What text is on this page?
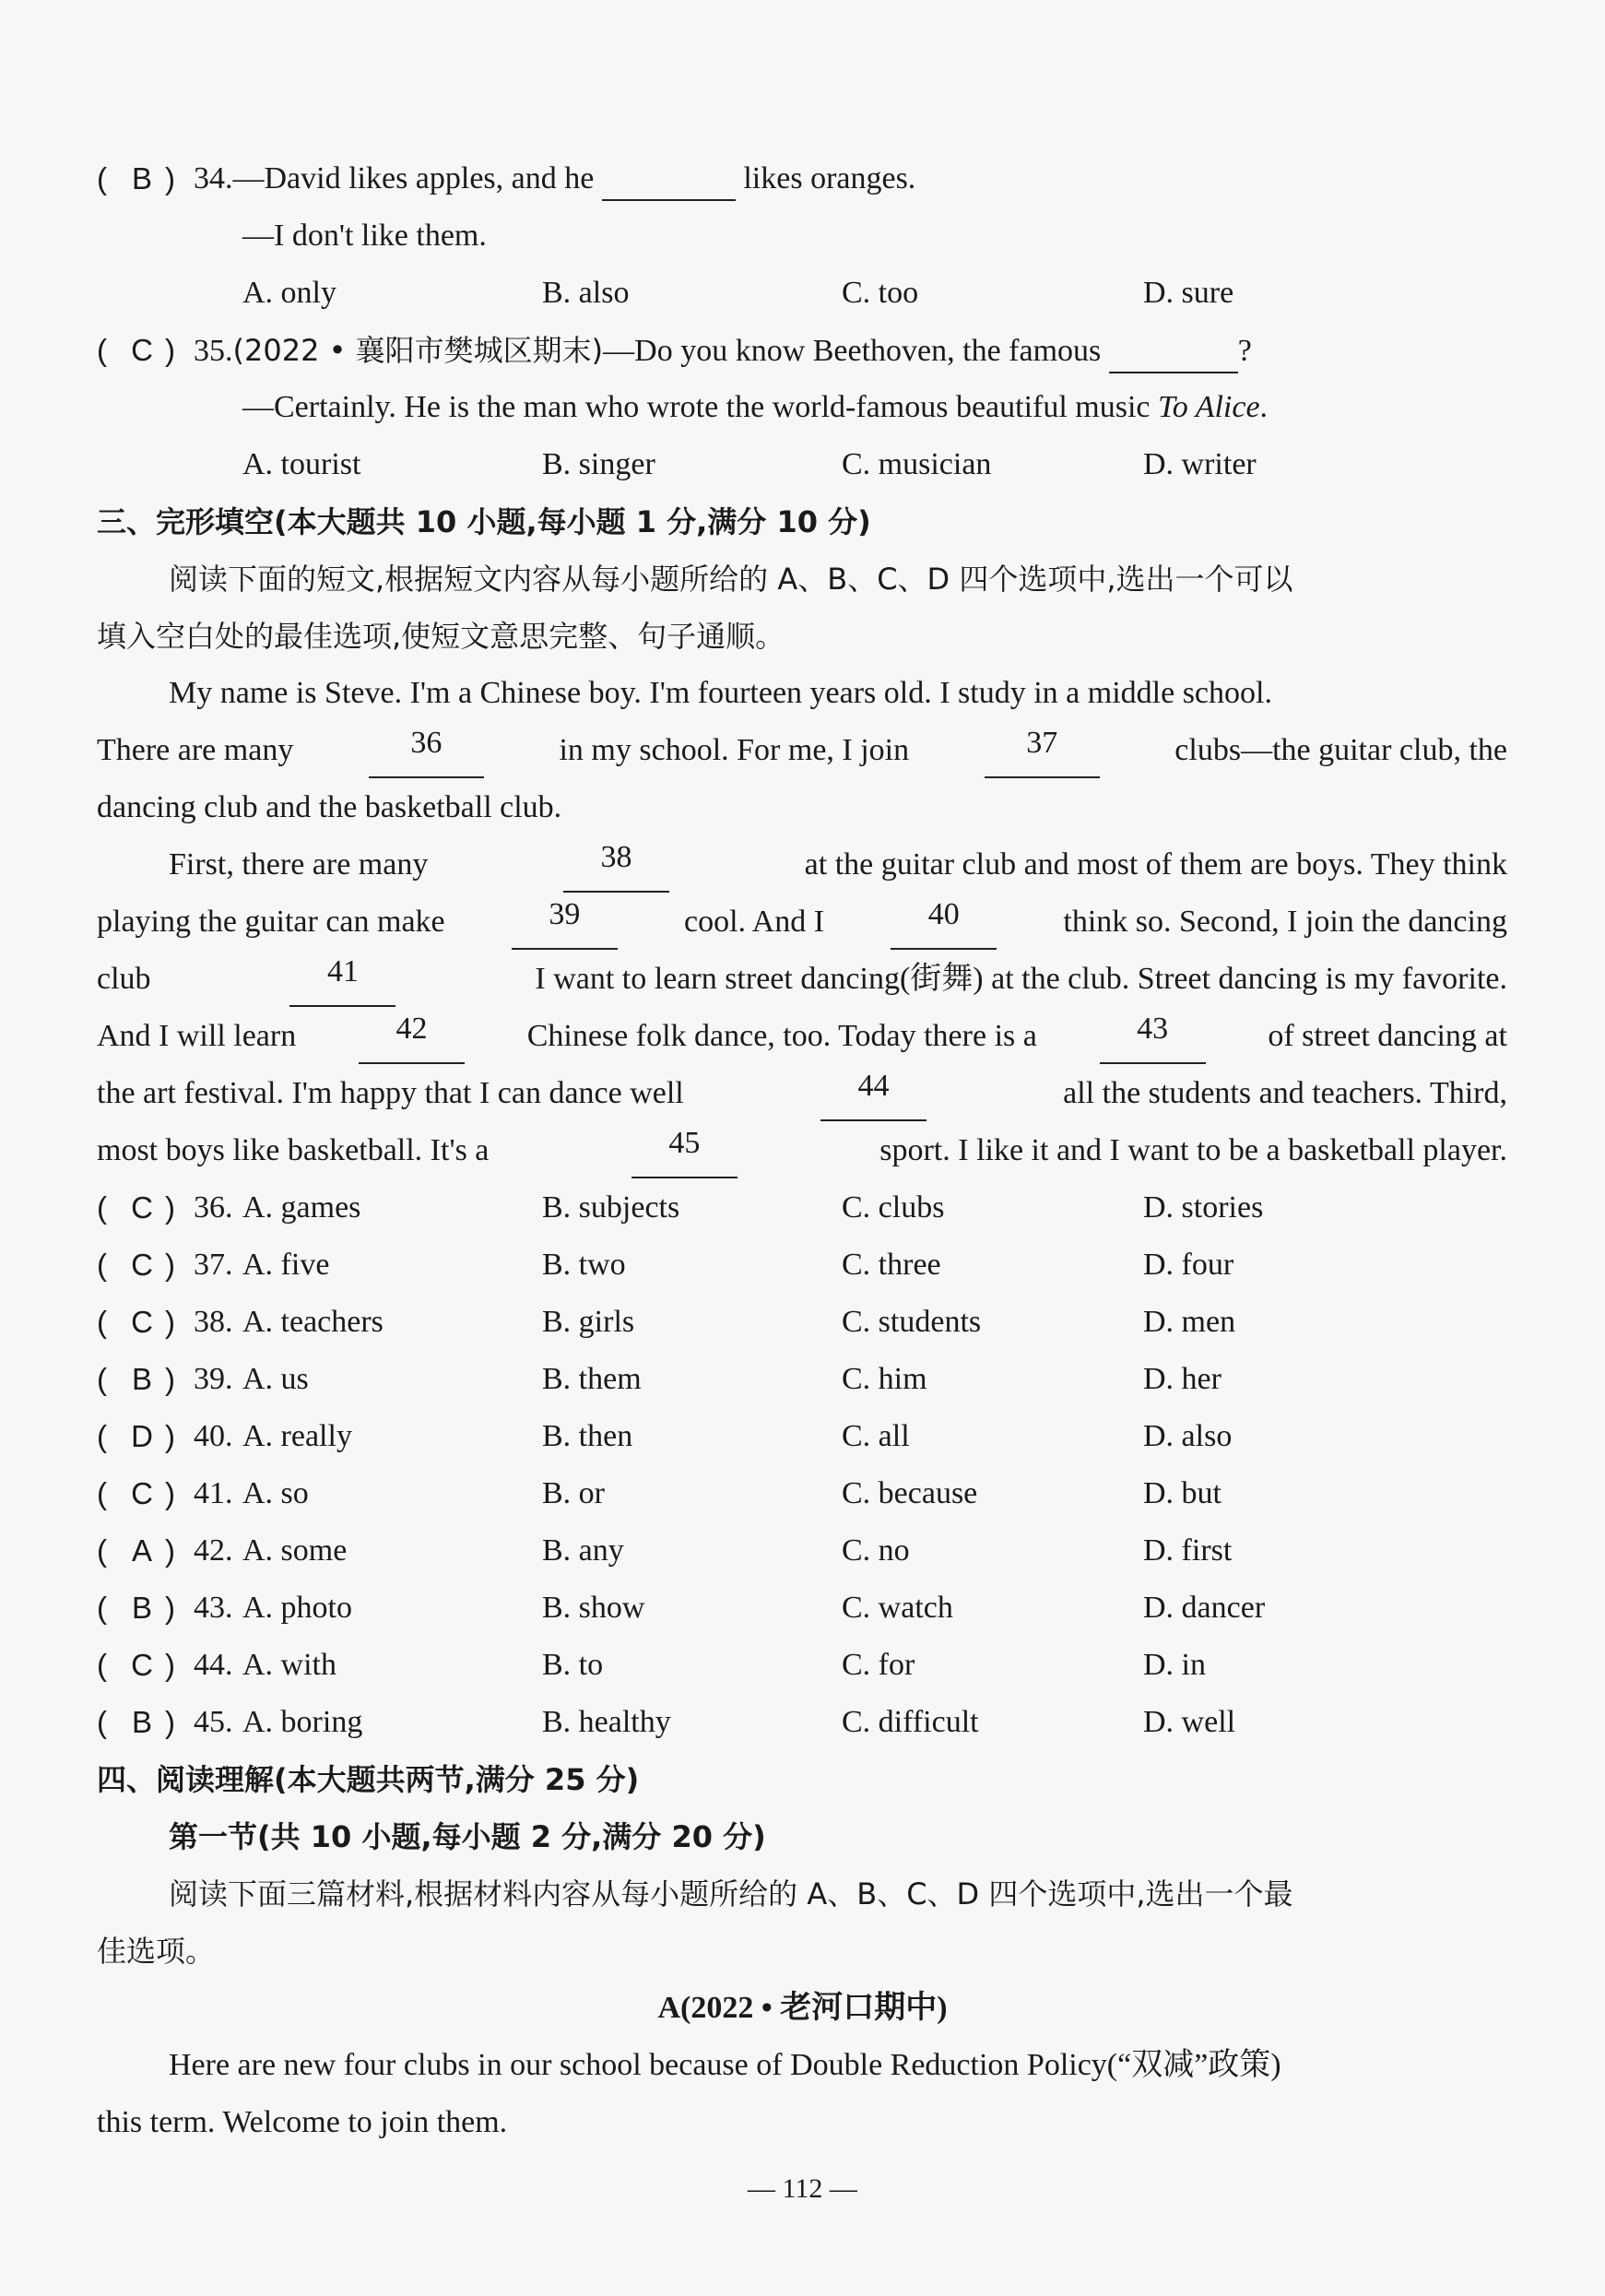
( B ) 34.—David likes apples, and he	likes oranges.
—I don't like them.
A. only	B. also	C. too	D. sure
( C ) 35.(2022 • 襄阳市樊城区期末)—Do you know Beethoven, the famous	?
—Certainly. He is the man who wrote the world-famous beautiful music To Alice.
A. tourist	B. singer	C. musician	D. writer
三、完形填空(本大题共 10 小题,每小题 1 分,满分 10 分)
阅读下面的短文,根据短文内容从每小题所给的 A、B、C、D 四个选项中,选出一个可以
填入空白处的最佳选项,使短文意思完整、句子通顺。
My name is Steve. I'm a Chinese boy. I'm fourteen years old. I study in a middle school.
There are many	36	in my school. For me, I join	37	clubs—the guitar club, the
dancing club and the basketball club.
First, there are many	38	at the guitar club and most of them are boys. They think
playing the guitar can make	39	cool. And I	40	think so. Second, I join the dancing
club	41	I want to learn street dancing(街舞) at the club. Street dancing is my favorite.
And I will learn	42	Chinese folk dance, too. Today there is a	43	of street dancing at
the art festival. I'm happy that I can dance well	44	all the students and teachers. Third,
most boys like basketball. It's a	45	sport. I like it and I want to be a basketball player.
( C ) 36. A. games	B. subjects	C. clubs	D. stories
( C ) 37. A. five	B. two	C. three	D. four
( C ) 38. A. teachers	B. girls	C. students	D. men
( B ) 39. A. us	B. them	C. him	D. her
( D ) 40. A. really	B. then	C. all	D. also
( C ) 41. A. so	B. or	C. because	D. but
( A ) 42. A. some	B. any	C. no	D. first
( B ) 43. A. photo	B. show	C. watch	D. dancer
( C ) 44. A. with	B. to	C. for	D. in
( B ) 45. A. boring	B. healthy	C. difficult	D. well
四、阅读理解(本大题共两节,满分 25 分)
第一节(共 10 小题,每小题 2 分,满分 20 分)
阅读下面三篇材料,根据材料内容从每小题所给的 A、B、C、D 四个选项中,选出一个最
佳选项。
A(2022 • 老河口期中)
Here are new four clubs in our school because of Double Reduction Policy(“双减”政策)
this term. Welcome to join them.
— 112 —
